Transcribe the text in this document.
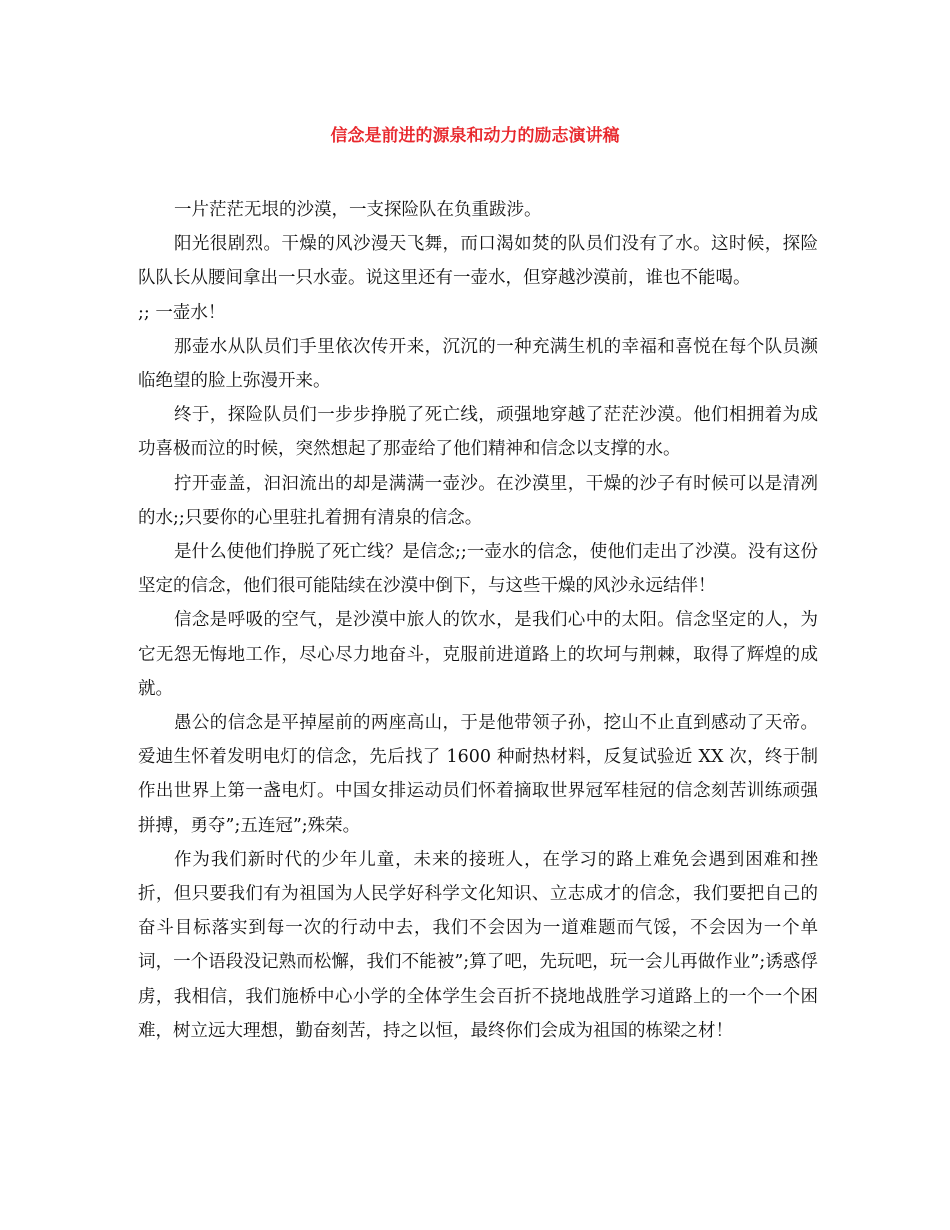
信念是前进的源泉和动力的励志演讲稿

一片茫茫无垠的沙漠，一支探险队在负重跋涉。

阳光很剧烈。干燥的风沙漫天飞舞，而口渴如焚的队员们没有了水。这时候，探险队队长从腰间拿出一只水壶。说这里还有一壶水，但穿越沙漠前，谁也不能喝。

;; 一壶水！

那壶水从队员们手里依次传开来，沉沉的一种充满生机的幸福和喜悦在每个队员濒临绝望的脸上弥漫开来。

终于，探险队员们一步步挣脱了死亡线，顽强地穿越了茫茫沙漠。他们相拥着为成功喜极而泣的时候，突然想起了那壶给了他们精神和信念以支撑的水。

拧开壶盖，汩汩流出的却是满满一壶沙。在沙漠里，干燥的沙子有时候可以是清冽的水;;只要你的心里驻扎着拥有清泉的信念。

是什么使他们挣脱了死亡线？是信念;;一壶水的信念，使他们走出了沙漠。没有这份坚定的信念，他们很可能陆续在沙漠中倒下，与这些干燥的风沙永远结伴！

信念是呼吸的空气，是沙漠中旅人的饮水，是我们心中的太阳。信念坚定的人，为它无怨无悔地工作，尽心尽力地奋斗，克服前进道路上的坎坷与荆棘，取得了辉煌的成就。

愚公的信念是平掉屋前的两座高山，于是他带领子孙，挖山不止直到感动了天帝。爱迪生怀着发明电灯的信念，先后找了 1600 种耐热材料，反复试验近 XX 次，终于制作出世界上第一盏电灯。中国女排运动员们怀着摘取世界冠军桂冠的信念刻苦训练顽强拼搏，勇夺”;五连冠”;殊荣。

作为我们新时代的少年儿童，未来的接班人，在学习的路上难免会遇到困难和挫折，但只要我们有为祖国为人民学好科学文化知识、立志成才的信念，我们要把自己的奋斗目标落实到每一次的行动中去，我们不会因为一道难题而气馁，不会因为一个单词，一个语段没记熟而松懈，我们不能被”;算了吧，先玩吧，玩一会儿再做作业”;诱惑俘虏，我相信，我们施桥中心小学的全体学生会百折不挠地战胜学习道路上的一个一个困难，树立远大理想，勤奋刻苦，持之以恒，最终你们会成为祖国的栋梁之材！
